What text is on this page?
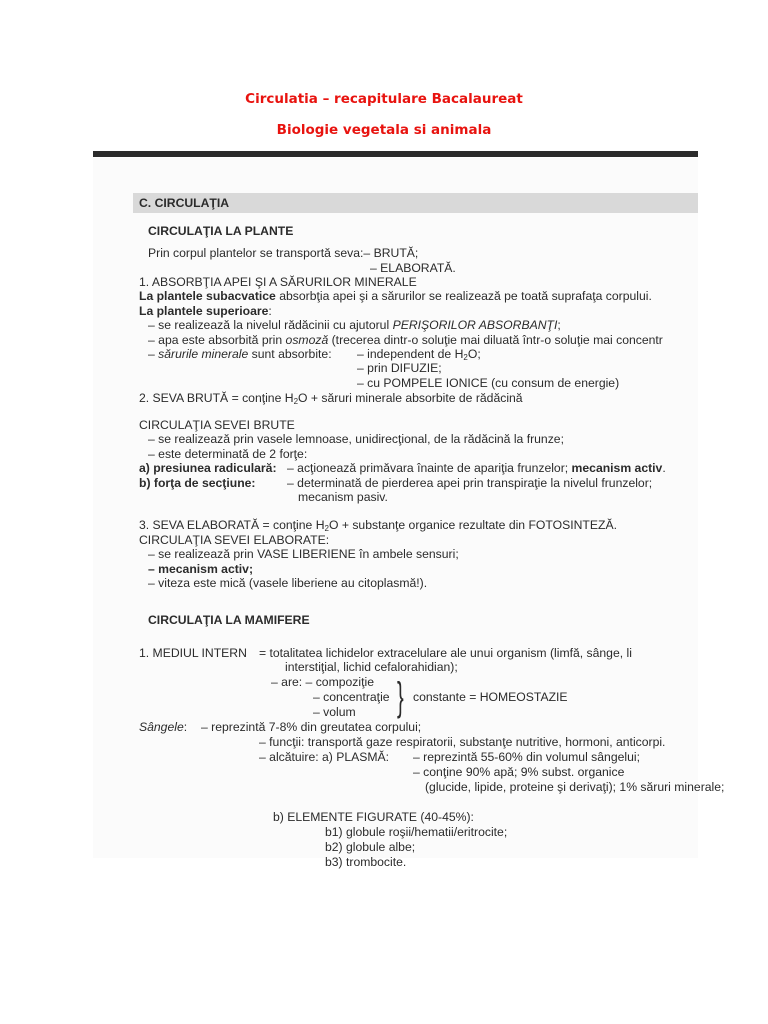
Circulatia – recapitulare Bacalaureat
Biologie vegetala si animala
C. CIRCULAŢIA
CIRCULAŢIA LA PLANTE
Prin corpul plantelor se transportă seva:– BRUTĂ;
– ELABORATĂ.
1. ABSORBŢIA APEI ŞI A SĂRURILOR MINERALE
La plantele subacvatice absorbţia apei şi a sărurilor se realizează pe toată suprafaţa corpului.
La plantele superioare:
– se realizează la nivelul rădăcinii cu ajutorul PERIŞORILOR ABSORBANŢI;
– apa este absorbită prin osmoză (trecerea dintr-o soluţie mai diluată într-o soluţie mai concentr
– sărurile minerale sunt absorbite: – independent de $H_2O$;
– prin DIFUZIE;
– cu POMPELE IONICE (cu consum de energie)
2. SEVA BRUTĂ = conţine $H_2O$ + săruri minerale absorbite de rădăcină
CIRCULAŢIA SEVEI BRUTE
– se realizează prin vasele lemnoase, unidirecţional, de la rădăcină la frunze;
– este determinată de 2 forţe:
a) presiunea radiculară: – acţionează primăvara înainte de apariţia frunzelor; mecanism activ.
b) forţa de secţiune:	– determinată de pierderea apei prin transpiraţie la nivelul frunzelor;
mecanism pasiv.
3. SEVA ELABORATĂ = conţine $H_2O$ + substanţe organice rezultate din FOTOSINTEZĂ.
CIRCULAŢIA SEVEI ELABORATE:
– se realizează prin VASE LIBERIENE în ambele sensuri;
– mecanism activ;
– viteza este mică (vasele liberiene au citoplasmă!).
CIRCULAŢIA LA MAMIFERE
1. MEDIUL INTERN = totalitatea lichidelor extracelulare ale unui organism (limfă, sânge, li
interstiţial, lichid cefalorahidian);
– are: – compoziţie
– concentraţie
– volum } constante = HOMEOSTAZIE
Sângele: – reprezintă 7-8% din greutatea corpului;
– funcţii: transportă gaze respiratorii, substanţe nutritive, hormoni, anticorpi.
– alcătuire: a) PLASMĂ: – reprezintă 55-60% din volumul sângelui;
– conţine 90% apă; 9% subst. organice
(glucide, lipide, proteine şi derivaţi); 1% săruri minerale;
b) ELEMENTE FIGURATE (40-45%):
b1) globule roşii/hematii/eritrocite;
b2) globule albe;
b3) trombocite.
